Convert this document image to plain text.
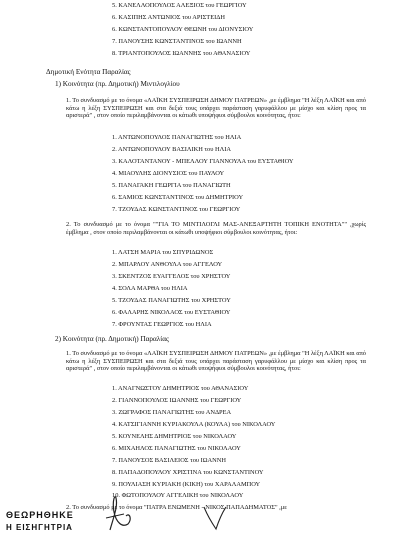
5. ΚΑΝΕΛΛΟΠΟΥΛΟΣ ΑΛΕΞΙΟΣ του ΓΕΩΡΓΙΟΥ
6. ΚΑΣΙΠΗΣ ΑΝΤΩΝΙΟΣ του ΑΡΙΣΤΕΙΔΗ
6. ΚΩΝΣΤΑΝΤΟΠΟΥΛΟΥ ΘΕΩΝΗ του ΔΙΟΝΥΣΙΟΥ
7. ΠΑΝΟΥΣΗΣ ΚΩΝΣΤΑΝΤΙΝΟΣ του ΙΩΑΝΝΗ
8. ΤΡΙΑΝΤΟΠΟΥΛΟΣ ΙΩΑΝΝΗΣ του ΑΘΑΝΑΣΙΟΥ
Δημοτική Ενότητα Παραλίας
1) Κοινότητα (πρ. Δημοτική) Μιντιλογλίου
1. Το συνδυασμό με το όνομα «ΛΑΪΚΗ ΣΥΣΠΕΙΡΩΣΗ ΔΗΜΟΥ ΠΑΤΡΕΩΝ» ,με έμβλημα "Η λέξη ΛΑΪΚΗ και από κάτω η λέξη ΣΥΣΠΕΙΡΩΣΗ και στα δεξιά τους υπάρχει παράσταση γαρυφάλλου με μίσχο και κλίση προς τα αριστερά" , στον οποίο περιλαμβάνονται οι κάτωθι υποψήφιοι σύμβουλοι κοινότητας, ήτοι:
1. ΑΝΤΩΝΟΠΟΥΛΟΣ ΠΑΝΑΓΙΩΤΗΣ του ΗΛΙΑ
2. ΑΝΤΩΝΟΠΟΥΛΟΥ ΒΑΣΙΛΙΚΗ του ΗΛΙΑ
3. ΚΑΛΟΤΑΝΤΑΝΟΥ - ΜΠΕΛΛΟΥ ΓΙΑΝΝΟΥΛΑ του ΕΥΣΤΑΘΙΟΥ
4. ΜΙΑΟΥΛΗΣ ΔΙΟΝΥΣΙΟΣ του ΠΑΥΛΟΥ
5. ΠΑΝΑΓΑΚΗ ΓΕΩΡΓΙΑ του ΠΑΝΑΓΙΩΤΗ
6. ΣΑΜΙΟΣ ΚΩΝΣΤΑΝΤΙΝΟΣ του ΔΗΜΗΤΡΙΟΥ
7. ΤΖΟΥΔΑΣ ΚΩΝΣΤΑΝΤΙΝΟΣ του ΓΕΩΡΓΙΟΥ
2. Το συνδυασμό με το όνομα ""ΓΙΑ ΤΟ ΜΙΝΤΙΛΟΓΛΙ ΜΑΣ-ΑΝΕΞΑΡΤΗΤΗ ΤΟΠΙΚΗ ΕΝΟΤΗΤΑ"" ,χωρίς έμβλημα , στον οποίο περιλαμβάνονται οι κάτωθι υποψήφιοι σύμβουλοι κοινότητας, ήτοι:
1. ΛΑΤΣΗ ΜΑΡΙΑ του ΣΠΥΡΙΔΩΝΟΣ
2. ΜΠΑΡΛΟΥ ΑΝΘΟΥΛΑ του ΑΓΓΕΛΟΥ
3. ΣΚΕΝΤΖΟΣ ΕΥΑΓΓΕΛΟΣ του ΧΡΗΣΤΟΥ
4. ΣΟΛΑ ΜΑΡΘΑ του ΗΛΙΑ
5. ΤΖΟΥΔΑΣ ΠΑΝΑΓΙΩΤΗΣ του ΧΡΗΣΤΟΥ
6. ΦΑΛΑΡΗΣ ΝΙΚΟΛΑΟΣ του ΕΥΣΤΑΘΙΟΥ
7. ΦΡΟΥΝΤΑΣ ΓΕΩΡΓΙΟΣ του ΗΛΙΑ
2) Κοινότητα (πρ. Δημοτική) Παραλίας
1. Το συνδυασμό με το όνομα «ΛΑΪΚΗ ΣΥΣΠΕΙΡΩΣΗ ΔΗΜΟΥ ΠΑΤΡΕΩΝ» ,με έμβλημα "Η λέξη ΛΑΪΚΗ και από κάτω η λέξη ΣΥΣΠΕΙΡΩΣΗ και στα δεξιά τους υπάρχει παράσταση γαρυφάλλου με μίσχο και κλίση προς τα αριστερά" , στον οποίο περιλαμβάνονται οι κάτωθι υποψήφιοι σύμβουλοι κοινότητας, ήτοι:
1. ΑΝΑΓΝΩΣΤΟΥ ΔΗΜΗΤΡΙΟΣ του ΑΘΑΝΑΣΙΟΥ
2. ΓΙΑΝΝΟΠΟΥΛΟΣ ΙΩΑΝΝΗΣ του ΓΕΩΡΓΙΟΥ
3. ΖΩΓΡΑΦΟΣ ΠΑΝΑΓΙΩΤΗΣ του ΑΝΔΡΕΑ
4. ΚΑΤΣΙΓΙΑΝΝΗ ΚΥΡΙΑΚΟΥΛΑ (ΚΟΥΛΑ) του ΝΙΚΟΛΑΟΥ
5. ΚΟΥΝΕΛΗΣ ΔΗΜΗΤΡΙΟΣ του ΝΙΚΟΛΑΟΥ
6. ΜΙΧΑΗΛΟΣ ΠΑΝΑΓΙΩΤΗΣ του ΝΙΚΟΛΑΟΥ
7. ΠΑΝΟΥΣΟΣ ΒΑΣΙΛΕΙΟΣ του ΙΩΑΝΝΗ
8. ΠΑΠΑΔΟΠΟΥΛΟΥ ΧΡΙΣΤΙΝΑ του ΚΩΝΣΤΑΝΤΙΝΟΥ
9. ΠΟΥΛΙΑΣΗ ΚΥΡΙΑΚΗ (ΚΙΚΗ) του ΧΑΡΑΛΑΜΠΟΥ
10. ΦΩΤΟΠΟΥΛΟΥ ΑΓΓΕΛΙΚΗ του ΝΙΚΟΛΑΟΥ
2. Το συνδυασμό με το όνομα "ΠΑΤΡΑ ΕΝΩΜΕΝΗ - ΝΙΚΟΣ ΠΑΠΑΔΗΜΑΤΟΣ" ,με
ΘΕΩΡΗΘΗΚΕ
Η ΕΙΣΗΓΗΤΡΙΑ
